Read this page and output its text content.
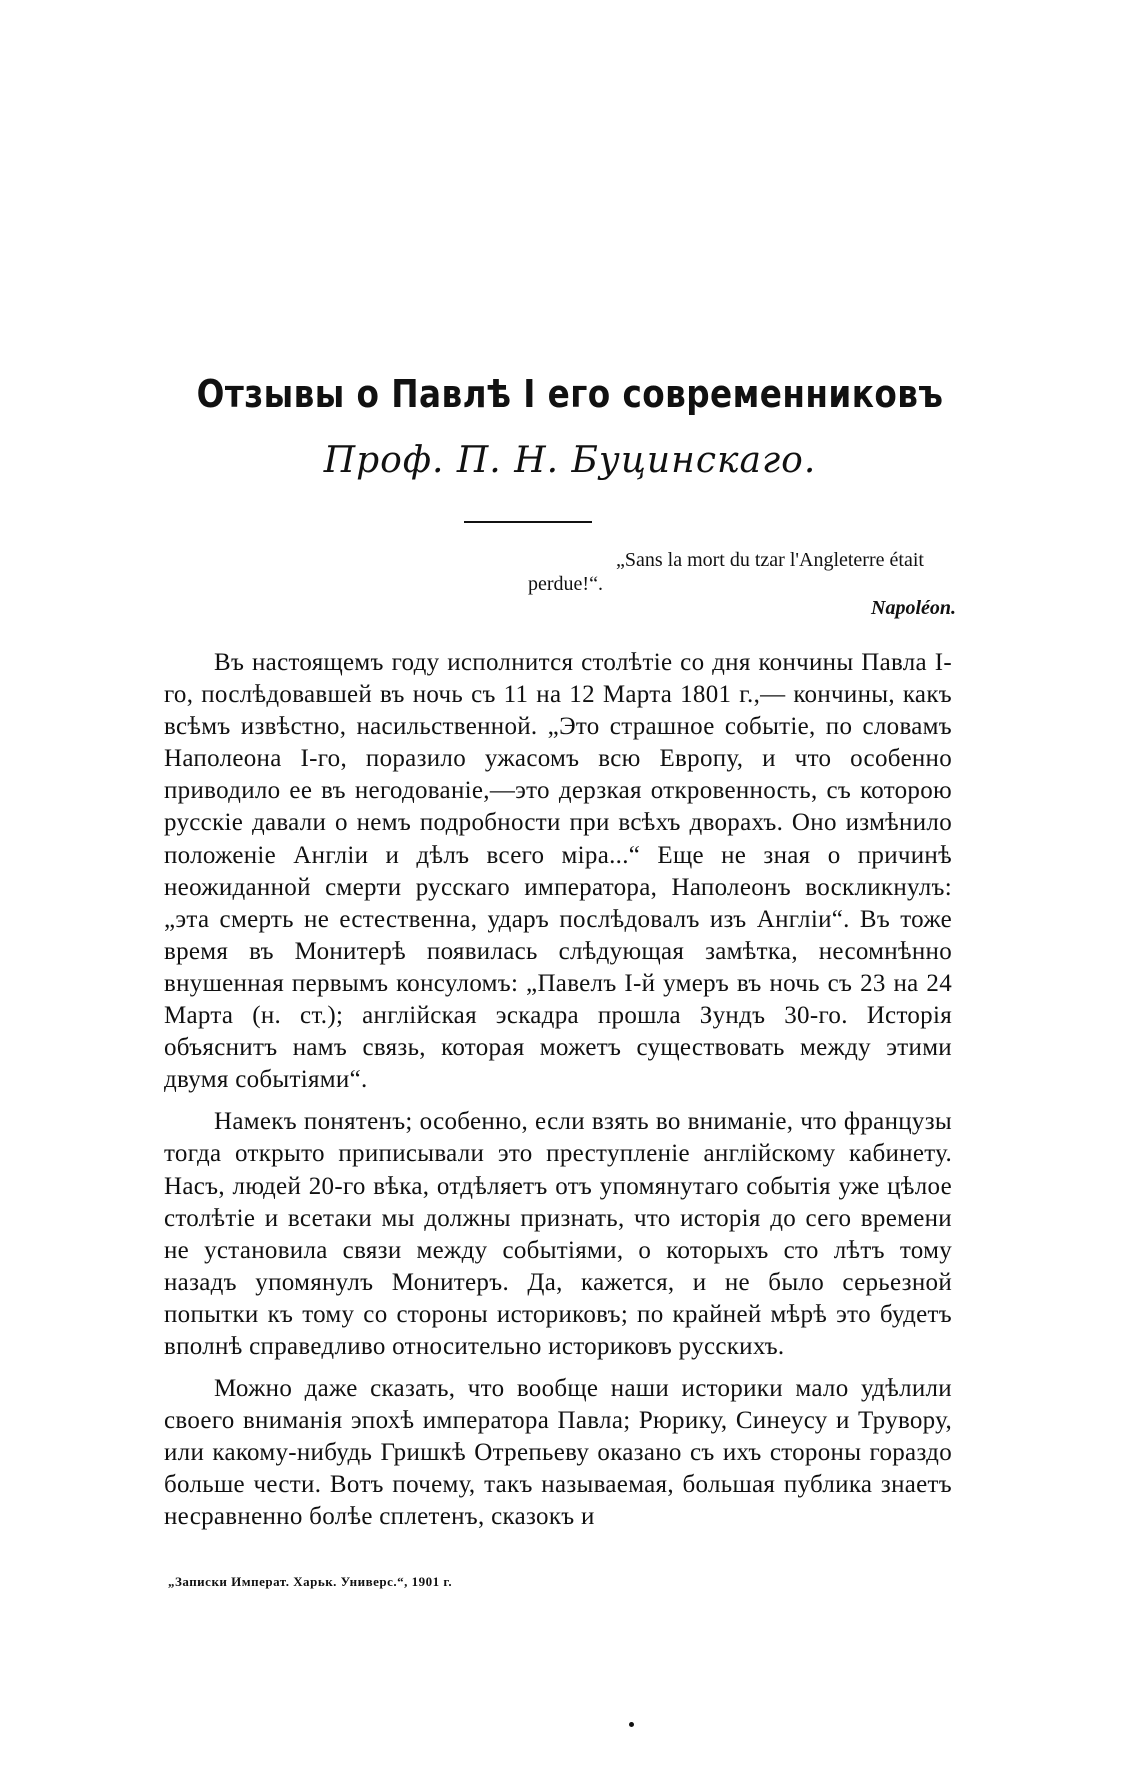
Отзывы о Павлѣ I его современниковъ
Проф. П. Н. Буцинскаго.
„Sans la mort du tzar l'Angleterre était perdue!“.
Napoléon.

Въ настоящемъ году исполнится столѣтіе со дня кончины Павла I-го, послѣдовавшей въ ночь съ 11 на 12 Марта 1801 г.,— кончины, какъ всѣмъ извѣстно, насильственной. „Это страшное событіе, по словамъ Наполеона I-го, поразило ужасомъ всю Европу, и что особенно приводило ее въ негодованіе,—это дерзкая откровенность, съ которою русскіе давали о немъ подробности при всѣхъ дворахъ. Оно измѣнило положеніе Англіи и дѣлъ всего міра...“ Еще не зная о причинѣ неожиданной смерти русскаго императора, Наполеонъ воскликнулъ: „эта смерть не естественна, ударъ послѣдовалъ изъ Англіи“. Въ тоже время въ Монитерѣ появилась слѣдующая замѣтка, несомнѣнно внушенная первымъ консуломъ: „Павелъ I-й умеръ въ ночь съ 23 на 24 Марта (н. ст.); англійская эскадра прошла Зундъ 30-го. Исторія объяснитъ намъ связь, которая можетъ существовать между этими двумя событіями“.

Намекъ понятенъ; особенно, если взять во вниманіе, что французы тогда открыто приписывали это преступленіе англійскому кабинету. Насъ, людей 20-го вѣка, отдѣляетъ отъ упомянутаго событія уже цѣлое столѣтіе и всетаки мы должны признать, что исторія до сего времени не установила связи между событіями, о которыхъ сто лѣтъ тому назадъ упомянулъ Монитеръ. Да, кажется, и не было серьезной попытки къ тому со стороны историковъ; по крайней мѣрѣ это будетъ вполнѣ справедливо относительно историковъ русскихъ.

Можно даже сказать, что вообще наши историки мало удѣлили своего вниманія эпохѣ императора Павла; Рюрику, Синеусу и Трувору, или какому-нибудь Гришкѣ Отрепьеву оказано съ ихъ стороны гораздо больше чести. Вотъ почему, такъ называемая, большая публика знаетъ несравненно болѣе сплетенъ, сказокъ и

„Записки Императ. Харьк. Универс.“, 1901 г.
